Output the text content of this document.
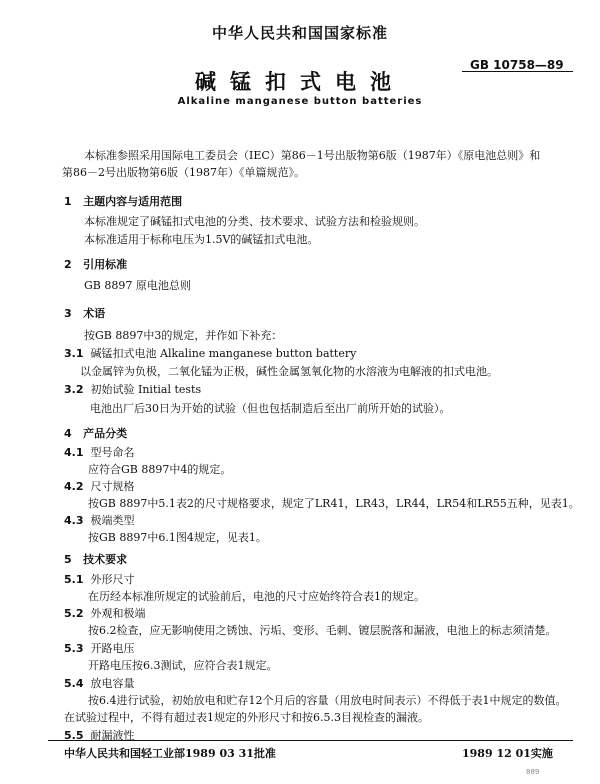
中华人民共和国国家标准
GB 10758—89
碱锰扣式电池
Alkaline manganese button batteries
本标准参照采用国际电工委员会（IEC）第86－1号出版物第6版（1987年）《原电池总则》和
第86－2号出版物第6版（1987年）《单篇规范》。
1 主题内容与适用范围
本标准规定了碱锰扣式电池的分类、技术要求、试验方法和检验规则。
本标准适用于标称电压为1.5V的碱锰扣式电池。
2 引用标准
GB 8897 原电池总则
3 术语
按GB 8897中3的规定，并作如下补充：
3.1 碱锰扣式电池 Alkaline manganese button battery
以金属锌为负极，二氧化锰为正极，碱性金属氢氧化物的水溶液为电解液的扣式电池。
3.2 初始试验 Initial tests
电池出厂后30日为开始的试验（但也包括制造后至出厂前所开始的试验）。
4 产品分类
4.1 型号命名
应符合GB 8897中4的规定。
4.2 尺寸规格
按GB 8897中5.1表2的尺寸规格要求，规定了LR41，LR43，LR44，LR54和LR55五种，见表1。
4.3 极端类型
按GB 8897中6.1图4规定，见表1。
5 技术要求
5.1 外形尺寸
在历经本标准所规定的试验前后，电池的尺寸应始终符合表1的规定。
5.2 外观和极端
按6.2检查，应无影响使用之锈蚀、污垢、变形、毛刺、镀层脱落和漏液，电池上的标志须清楚。
5.3 开路电压
开路电压按6.3测试，应符合表1规定。
5.4 放电容量
按6.4进行试验，初始放电和贮存12个月后的容量（用放电时间表示）不得低于表1中规定的数值。
在试验过程中，不得有超过表1规定的外形尺寸和按6.5.3目视检查的漏液。
5.5 耐漏液性
中华人民共和国轻工业部1989 03 31批准	1989 12 01实施
889
